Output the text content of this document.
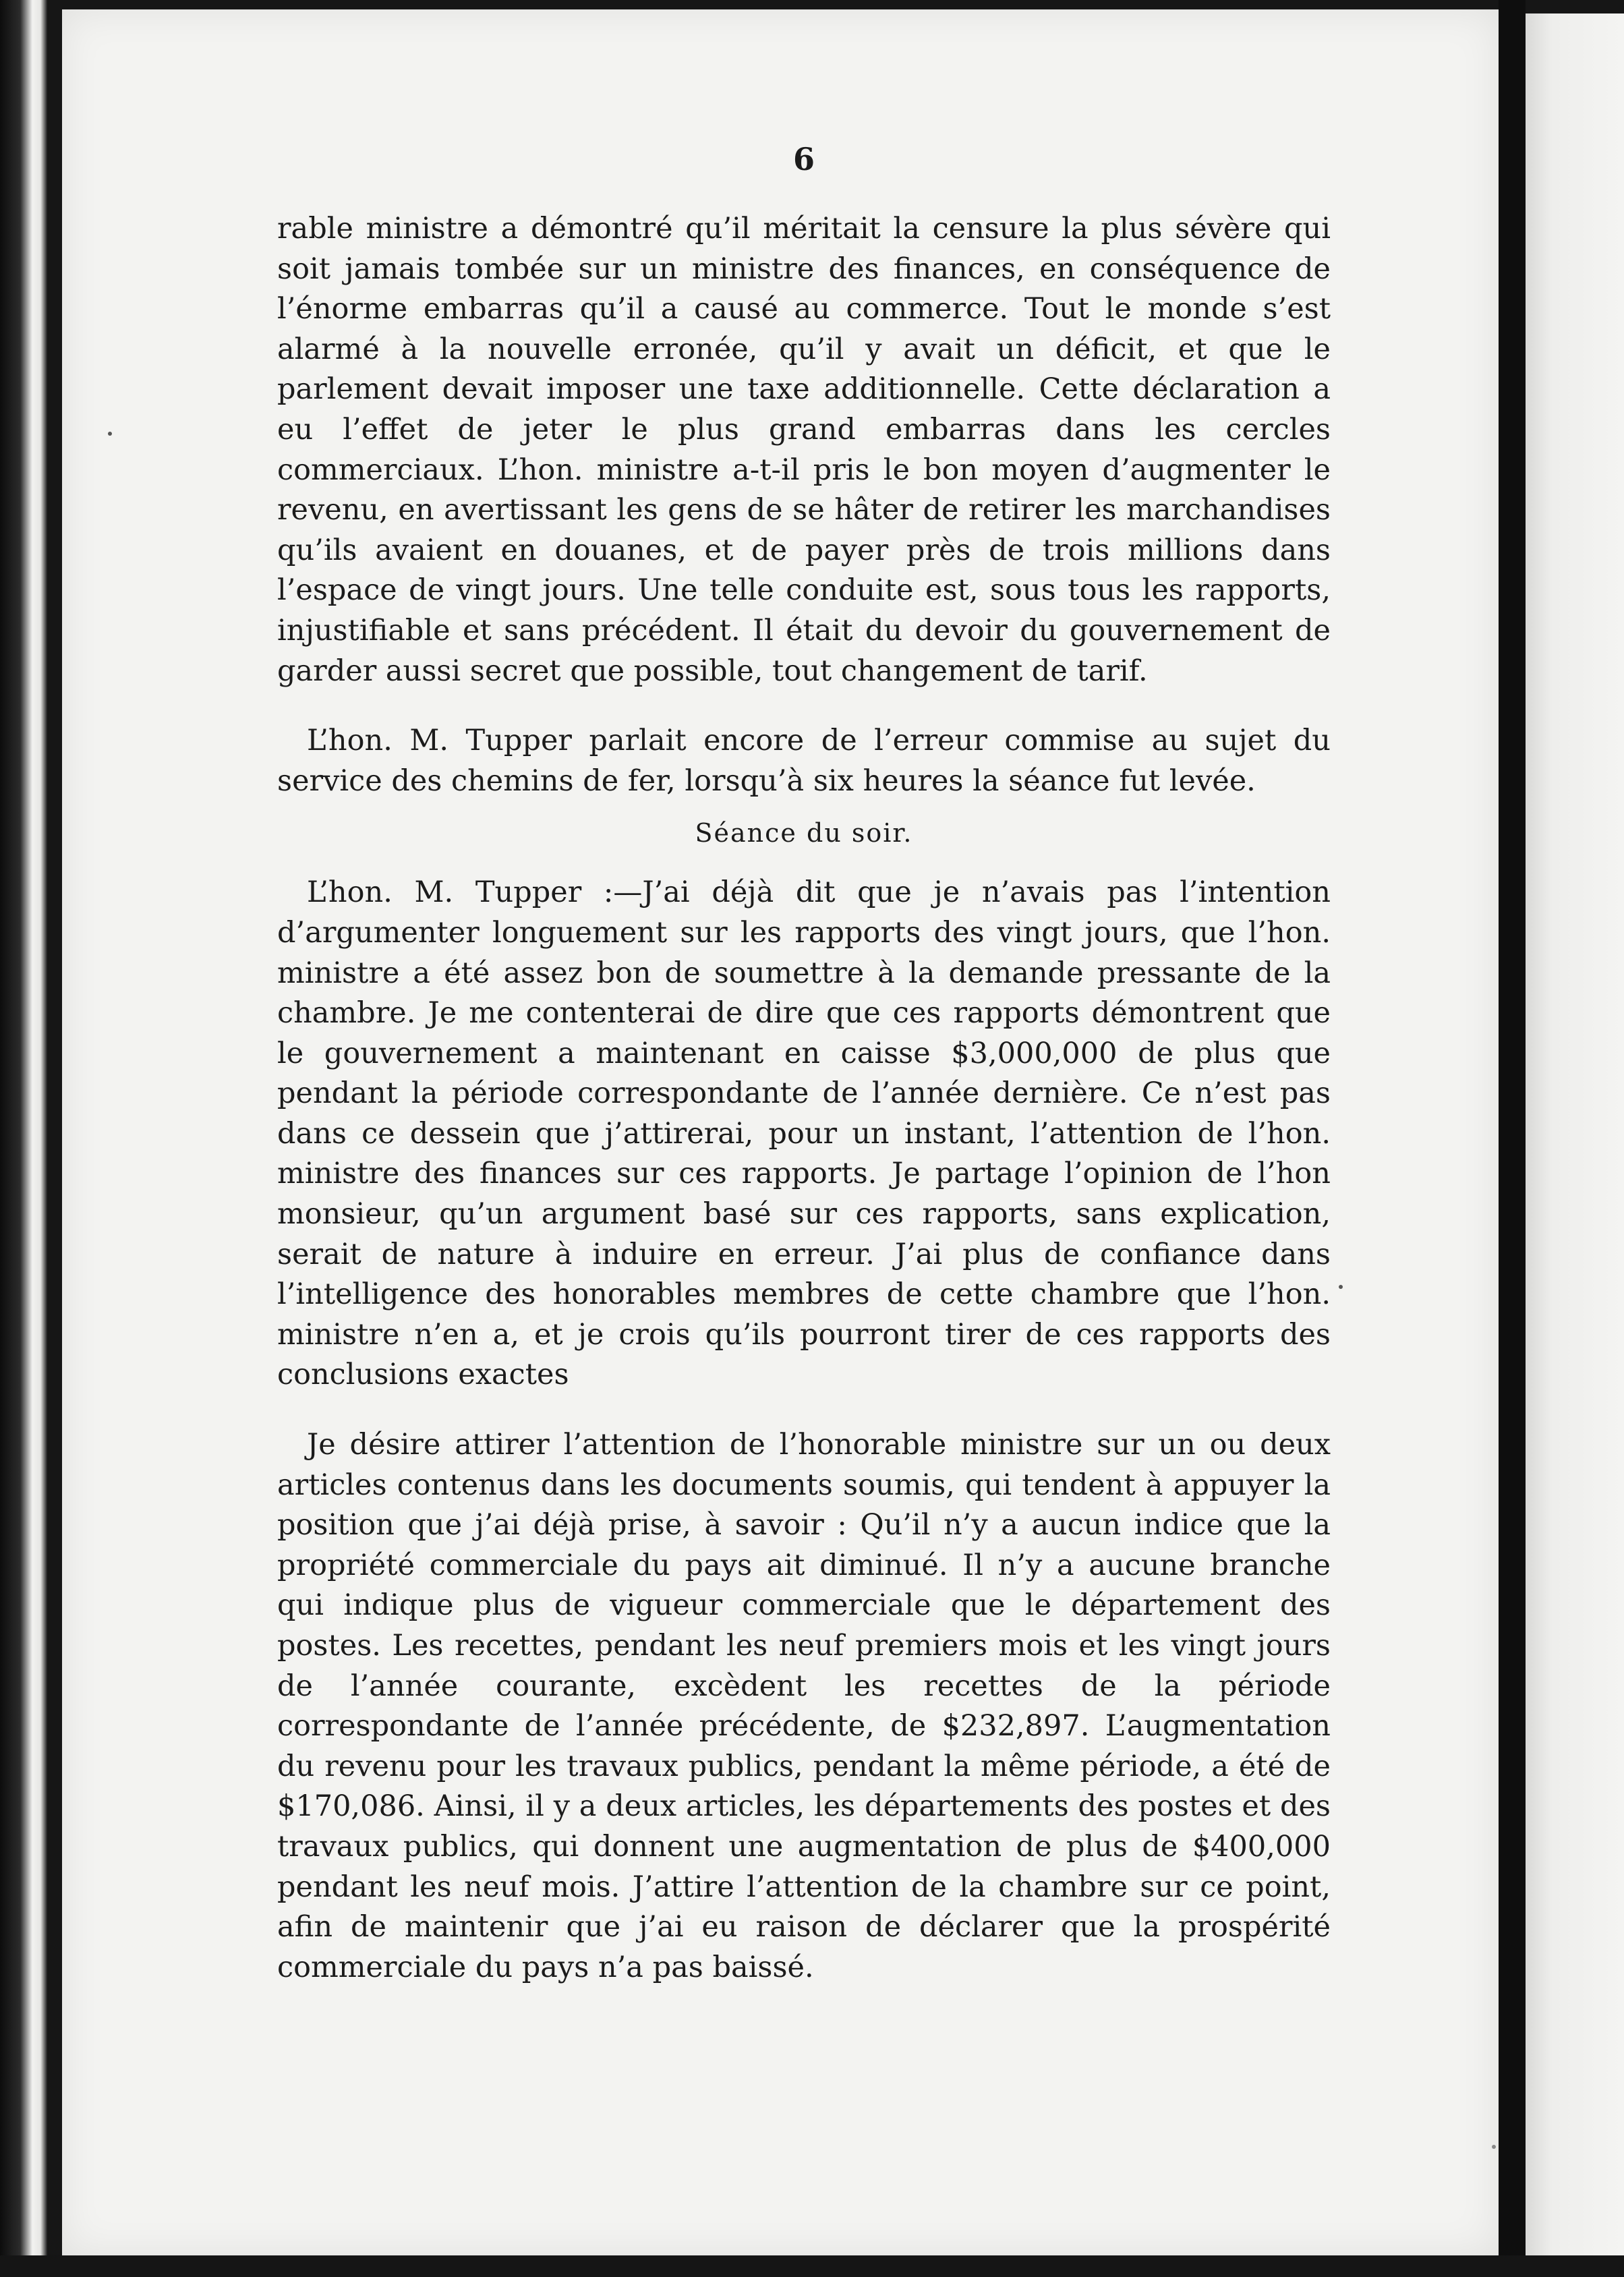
6

rable ministre a démontré qu’il méritait la censure la plus sévère qui soit jamais tombée sur un ministre des finances, en conséquence de l’énorme embarras qu’il a causé au commerce. Tout le monde s’est alarmé à la nouvelle erronée, qu’il y avait un déficit, et que le parlement devait imposer une taxe additionnelle. Cette déclaration a eu l’effet de jeter le plus grand embarras dans les cercles commerciaux. L’hon. ministre a-t-il pris le bon moyen d’augmenter le revenu, en avertissant les gens de se hâter de retirer les marchandises qu’ils avaient en douanes, et de payer près de trois millions dans l’espace de vingt jours. Une telle conduite est, sous tous les rapports, injustifiable et sans précédent. Il était du devoir du gouvernement de garder aussi secret que possible, tout changement de tarif.

L’hon. M. Tupper parlait encore de l’erreur commise au sujet du service des chemins de fer, lorsqu’à six heures la séance fut levée.

Séance du soir.

L’hon. M. Tupper :—J’ai déjà dit que je n’avais pas l’intention d’argumenter longuement sur les rapports des vingt jours, que l’hon. ministre a été assez bon de soumettre à la demande pressante de la chambre. Je me contenterai de dire que ces rapports démontrent que le gouvernement a maintenant en caisse $3,000,000 de plus que pendant la période correspondante de l’année dernière. Ce n’est pas dans ce dessein que j’attirerai, pour un instant, l’attention de l’hon. ministre des finances sur ces rapports. Je partage l’opinion de l’hon monsieur, qu’un argument basé sur ces rapports, sans explication, serait de nature à induire en erreur. J’ai plus de confiance dans l’intelligence des honorables membres de cette chambre que l’hon. ministre n’en a, et je crois qu’ils pourront tirer de ces rapports des conclusions exactes

Je désire attirer l’attention de l’honorable ministre sur un ou deux articles contenus dans les documents soumis, qui tendent à appuyer la position que j’ai déjà prise, à savoir : Qu’il n’y a aucun indice que la propriété commerciale du pays ait diminué. Il n’y a aucune branche qui indique plus de vigueur commerciale que le département des postes. Les recettes, pendant les neuf premiers mois et les vingt jours de l’année courante, excèdent les recettes de la période correspondante de l’année précédente, de $232,897. L’augmentation du revenu pour les travaux publics, pendant la même période, a été de $170,086. Ainsi, il y a deux articles, les départements des postes et des travaux publics, qui donnent une augmentation de plus de $400,000 pendant les neuf mois. J’attire l’attention de la chambre sur ce point, afin de maintenir que j’ai eu raison de déclarer que la prospérité commerciale du pays n’a pas baissé.
